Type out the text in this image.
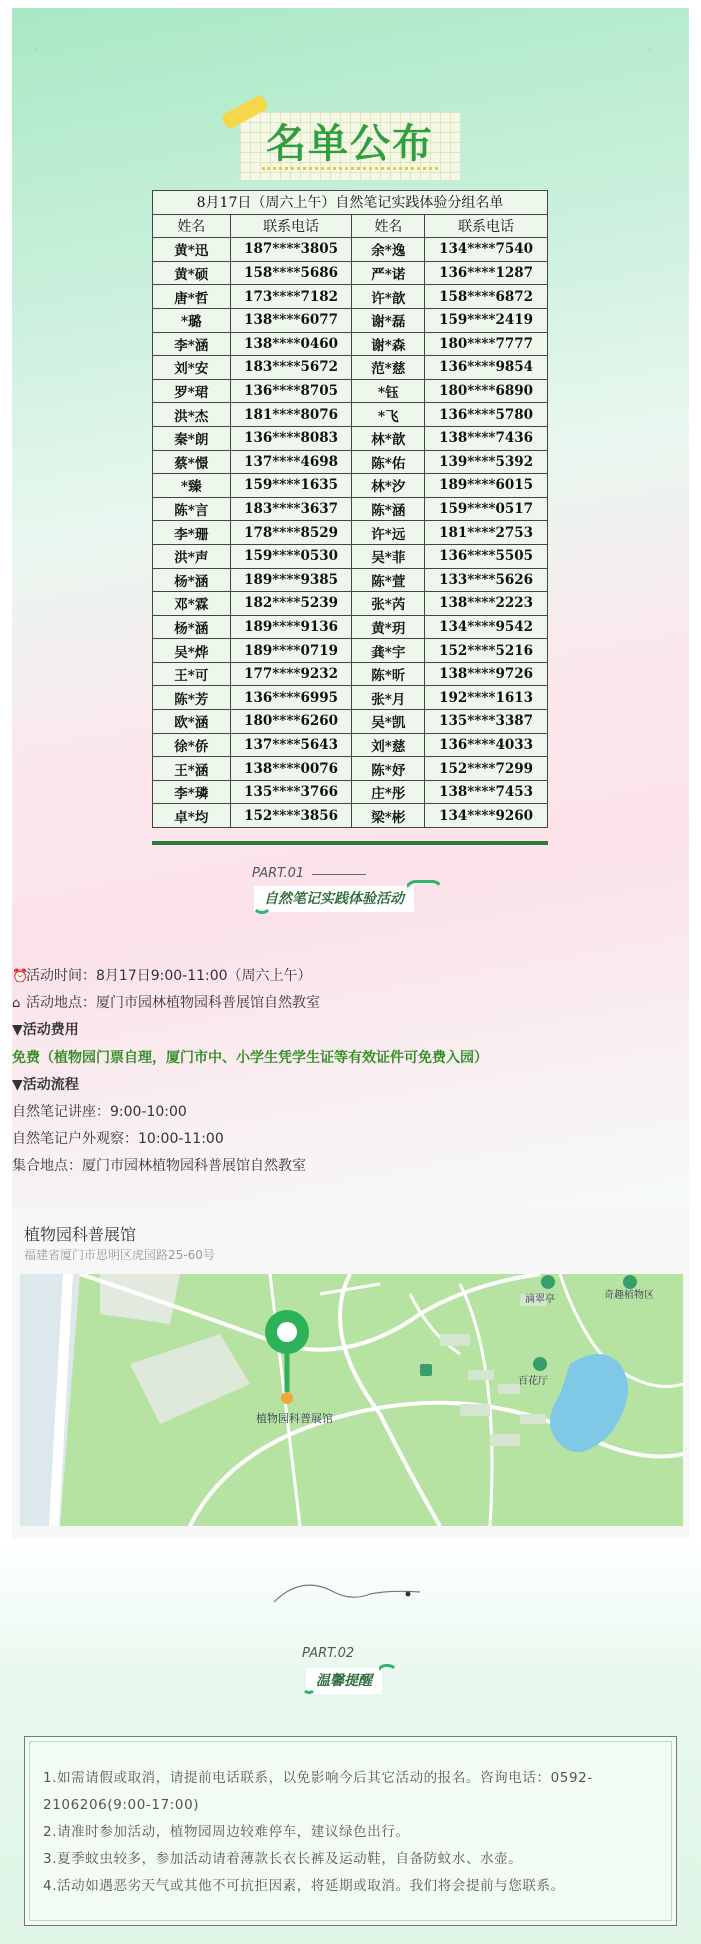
‹ · ·	· › ·
名单公布
8月17日（周六上午）自然笔记实践体验分组名单			
姓名	联系电话	姓名	联系电话
黄*迅	187****3805	余*逸	134****7540
黄*硕	158****5686	严*诺	136****1287
唐*哲	173****7182	许*歆	158****6872
*璐	138****6077	谢*磊	159****2419
李*涵	138****0460	谢*森	180****7777
刘*安	183****5672	范*慈	136****9854
罗*珺	136****8705	*钰	180****6890
洪*杰	181****8076	*飞	136****5780
秦*朗	136****8083	林*歆	138****7436
蔡*憬	137****4698	陈*佑	139****5392
*臻	159****1635	林*汐	189****6015
陈*言	183****3637	陈*涵	159****0517
李*珊	178****8529	许*远	181****2753
洪*声	159****0530	吴*菲	136****5505
杨*涵	189****9385	陈*萱	133****5626
邓*霖	182****5239	张*芮	138****2223
杨*涵	189****9136	黄*玥	134****9542
吴*烨	189****0719	龚*宇	152****5216
王*可	177****9232	陈*昕	138****9726
陈*芳	136****6995	张*月	192****1613
欧*涵	180****6260	吴*凯	135****3387
徐*侨	137****5643	刘*慈	136****4033
王*涵	138****0076	陈*妤	152****7299
李*璘	135****3766	庄*彤	138****7453
卓*均	152****3856	梁*彬	134****9260
PART.01
自然笔记实践体验活动
⏰活动时间：8月17日9:00-11:00（周六上午）
⌂ 活动地点：厦门市园林植物园科普展馆自然教室
▼活动费用
免费（植物园门票自理，厦门市中、小学生凭学生证等有效证件可免费入园）
▼活动流程
自然笔记讲座：9:00-10:00
自然笔记户外观察：10:00-11:00
集合地点：厦门市园林植物园科普展馆自然教室
植物园科普展馆
福建省厦门市思明区虎园路25-60号
植物园科普展馆
滴翠亭	奇趣植物区
百花厅
PART.02
温馨提醒

1.如需请假或取消，请提前电话联系，以免影响今后其它活动的报名。咨询电话：0592-2106206(9:00-17:00)

2.请准时参加活动，植物园周边较难停车，建议绿色出行。

3.夏季蚊虫较多，参加活动请着薄款长衣长裤及运动鞋，自备防蚊水、水壶。

4.活动如遇恶劣天气或其他不可抗拒因素，将延期或取消。我们将会提前与您联系。
